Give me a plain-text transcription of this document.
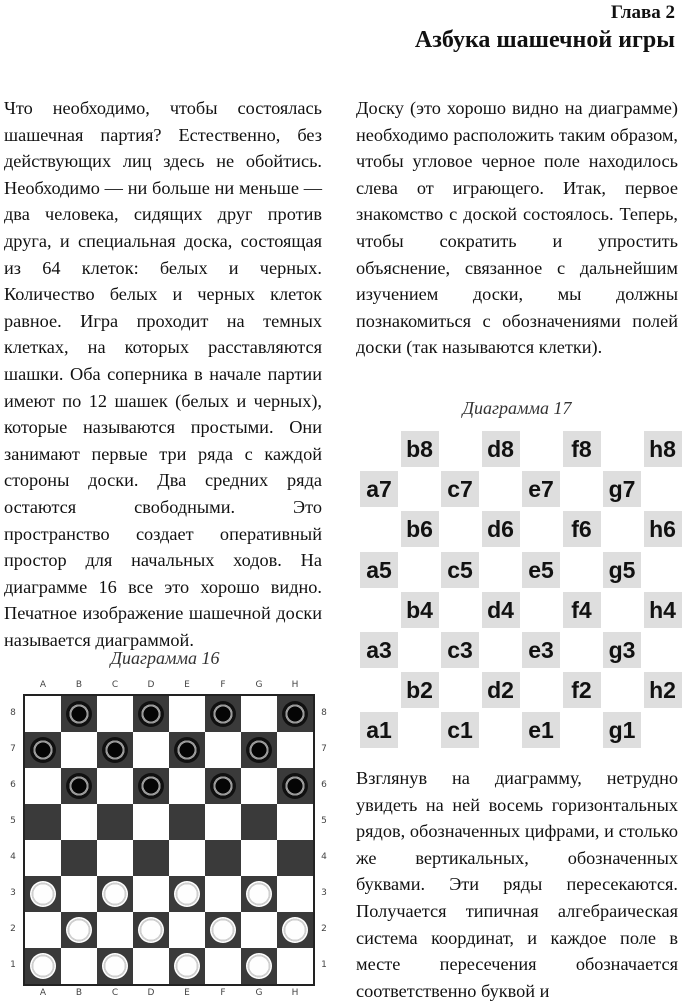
Глава 2
Азбука шашечной игры

Что необходимо, чтобы состоялась шашечная партия? Естественно, без действующих лиц здесь не обойтись. Необходимо — ни больше ни меньше — два человека, сидящих друг против друга, и специальная доска, состоящая из 64 клеток: белых и черных. Количество белых и черных клеток равное. Игра проходит на темных клетках, на которых расставляются шашки. Оба соперника в начале партии имеют по 12 шашек (белых и черных), которые называются простыми. Они занимают первые три ряда с каждой стороны доски. Два средних ряда остаются свободными. Это пространство создает оперативный простор для начальных ходов. На диаграмме 16 все это хорошо видно. Печатное изображение шашечной доски называется диаграммой.

Доску (это хорошо видно на диаграмме) необходимо расположить таким образом, чтобы угловое черное поле находилось слева от играющего. Итак, первое знакомство с доской состоялось. Теперь, чтобы сократить и упростить объяснение, связанное с дальнейшим изучением доски, мы должны познакомиться с обозначениями полей доски (так называются клетки).

Диаграмма 16
Диаграмма 17
A
A
B
B
C
C
D
D
E
E
F
F
G
G
H
H
8	8
7	7
6	6
5	5
4	4
3	3
2	2
1	1
b8 d8	f8	h8
a7 c7 e7 g7
b6 d6	f6	h6
a5 c5 e5 g5
b4 d4	f4	h4
a3 c3 e3 g3
b2 d2	f2	h2
a1 c1 e1 g1

Взглянув на диаграмму, нетрудно увидеть на ней восемь горизонтальных рядов, обозначенных цифрами, и столько же вертикальных, обозначенных буквами. Эти ряды пересекаются. Получается типичная алгебраическая система координат, и каждое поле в месте пересечения обозначается соответственно буквой и
